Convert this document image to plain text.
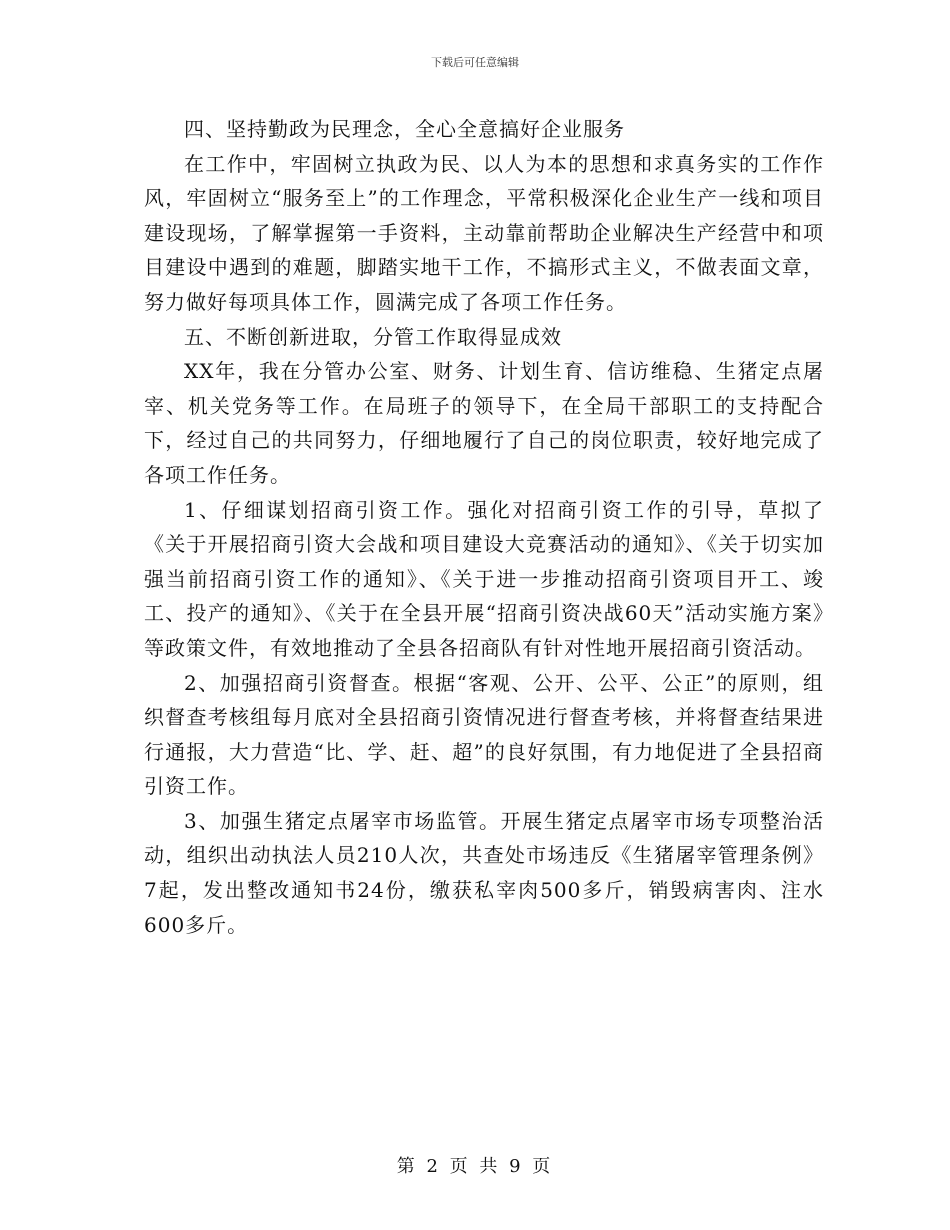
下载后可任意编辑

四、坚持勤政为民理念，全心全意搞好企业服务

在工作中，牢固树立执政为民、以人为本的思想和求真务实的工作作风，牢固树立“服务至上”的工作理念，平常积极深化企业生产一线和项目建设现场，了解掌握第一手资料，主动靠前帮助企业解决生产经营中和项目建设中遇到的难题，脚踏实地干工作，不搞形式主义，不做表面文章，努力做好每项具体工作，圆满完成了各项工作任务。

五、不断创新进取，分管工作取得显成效

XX年，我在分管办公室、财务、计划生育、信访维稳、生猪定点屠宰、机关党务等工作。在局班子的领导下，在全局干部职工的支持配合下，经过自己的共同努力，仔细地履行了自己的岗位职责，较好地完成了各项工作任务。

1、仔细谋划招商引资工作。强化对招商引资工作的引导，草拟了《关于开展招商引资大会战和项目建设大竞赛活动的通知》、《关于切实加强当前招商引资工作的通知》、《关于进一步推动招商引资项目开工、竣工、投产的通知》、《关于在全县开展“招商引资决战60天”活动实施方案》等政策文件，有效地推动了全县各招商队有针对性地开展招商引资活动。

2、加强招商引资督查。根据“客观、公开、公平、公正”的原则，组织督查考核组每月底对全县招商引资情况进行督查考核，并将督查结果进行通报，大力营造“比、学、赶、超”的良好氛围，有力地促进了全县招商引资工作。

3、加强生猪定点屠宰市场监管。开展生猪定点屠宰市场专项整治活动，组织出动执法人员210人次，共查处市场违反《生猪屠宰管理条例》7起，发出整改通知书24份，缴获私宰肉500多斤，销毁病害肉、注水600多斤。

第 2 页 共 9 页
